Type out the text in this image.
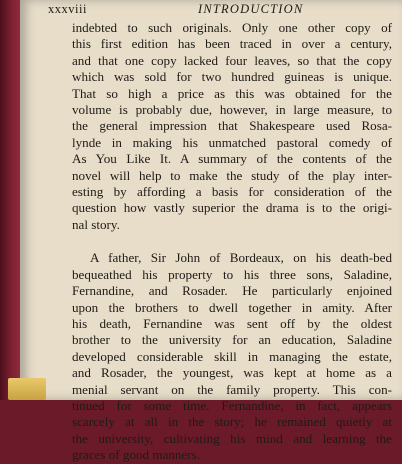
xxxviii	INTRODUCTION
indebted to such originals. Only one other copy of
this first edition has been traced in over a century,
and that one copy lacked four leaves, so that the copy
which was sold for two hundred guineas is unique.
That so high a price as this was obtained for the
volume is probably due, however, in large measure, to
the general impression that Shakespeare used Rosa-
lynde in making his unmatched pastoral comedy of
As You Like It. A summary of the contents of the
novel will help to make the study of the play inter-
esting by affording a basis for consideration of the
question how vastly superior the drama is to the origi-
nal story.
A father, Sir John of Bordeaux, on his death-bed
bequeathed his property to his three sons, Saladine,
Fernandine, and Rosader. He particularly enjoined
upon the brothers to dwell together in amity. After
his death, Fernandine was sent off by the oldest
brother to the university for an education, Saladine
developed considerable skill in managing the estate,
and Rosader, the youngest, was kept at home as a
menial servant on the family property. This con-
tinued for some time. Fernandine, in fact, appears
scarcely at all in the story; he remained quietly at
the university, cultivating his mind and learning the
graces of good manners.
